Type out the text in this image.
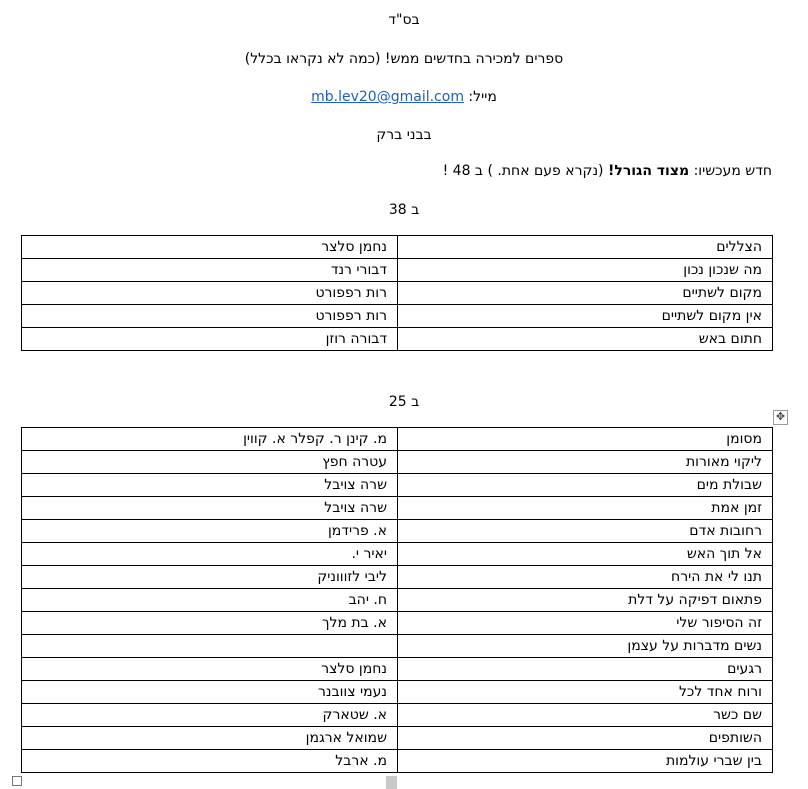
בס"ד
ספרים למכירה בחדשים ממש! (כמה לא נקראו בכלל)
מייל: mb.lev20@gmail.com
בבני ברק
חדש מעכשיו: מצוד הגורל! (נקרא פעם אחת. ) ב 48 !
ב 38
הצללים	נחמן סלצר
מה שנכון נכון	דבורי רנד
מקום לשתיים	רות רפפורט
אין מקום לשתיים	רות רפפורט
חתום באש	דבורה רוזן
ב 25
✥
מסומן	מ. קינן ר. קפלר א. קווין
ליקוי מאורות	עטרה חפץ
שבולת מים	שרה צויבל
זמן אמת	שרה צויבל
רחובות אדם	א. פרידמן
אל תוך האש	יאיר י.
תנו לי את הירח	ליבי לזוווניק
פתאום דפיקה על דלת	ח. יהב
זה הסיפור שלי	א. בת מלך
נשים מדברות על עצמן	
רגעים	נחמן סלצר
ורוח אחד לכל	נעמי צוובנר
שם כשר	א. שטארק
השותפים	שמואל ארגמן
בין שברי עולמות	מ. ארבל
